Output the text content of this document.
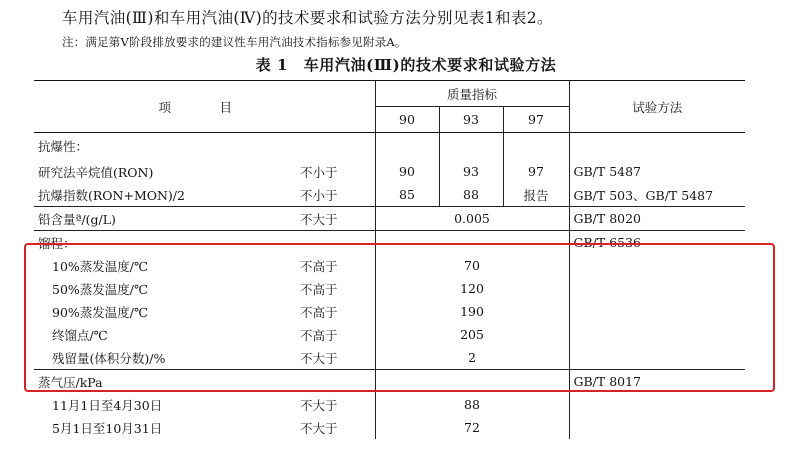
车用汽油(Ⅲ)和车用汽油(Ⅳ)的技术要求和试验方法分别见表1和表2。
注：满足第Ⅴ阶段排放要求的建议性车用汽油技术指标参见附录A。
表 1　车用汽油(Ⅲ)的技术要求和试验方法
项　目		质量指标			试验方法
		90	93	97	
抗爆性：					
研究法辛烷值(RON)	不小于	90	93	97	GB/T 5487
抗爆指数(RON+MON)/2	不小于	85	88	报告	GB/T 503、GB/T 5487
铅含量ª/(g/L)	不大于	0.005			GB/T 8020
馏程：					GB/T 6536
10%蒸发温度/℃	不高于	70			
50%蒸发温度/℃	不高于	120			
90%蒸发温度/℃	不高于	190			
终馏点/℃	不高于	205			
残留量(体积分数)/%	不大于	2			
蒸气压/kPa					GB/T 8017
11月1日至4月30日	不大于	88			
5月1日至10月31日	不大于	72			
